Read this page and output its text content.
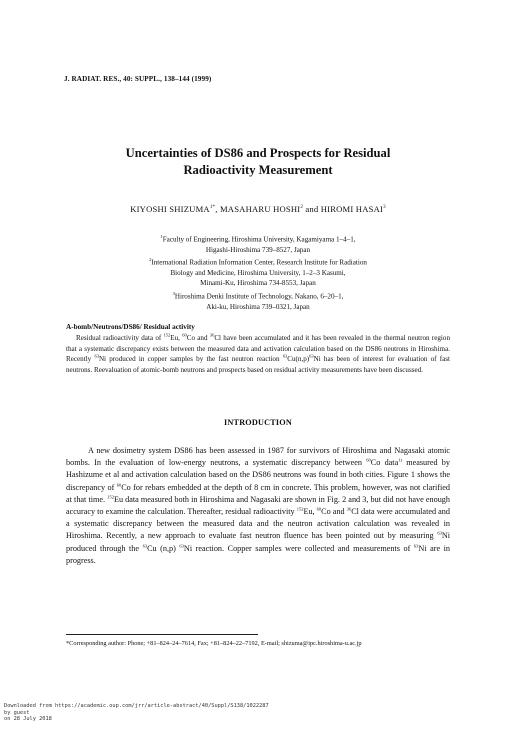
J. RADIAT. RES., 40: SUPPL., 138–144 (1999)
Uncertainties of DS86 and Prospects for Residual
Radioactivity Measurement
KIYOSHI $SHIZUMA^{1*}$, MASAHARU HOSHI$^2$ and HIROMI HASAI$^3$
$^1$Faculty of Engineering, Hiroshima University, Kagamiyama 1–4–1,
Higashi-Hiroshima 739–8527, Japan
$^2$International Radiation Information Center, Research Institute for Radiation
Biology and Medicine, Hiroshima University, 1–2–3 Kasumi,
Minami-Ku, Hiroshima 734-8553, Japan
$^3$Hiroshima Denki Institute of Technology, Nakano, 6–20–1,
Aki-ku, Hiroshima 739–0321, Japan
A-bomb/Neutrons/DS86/ Residual activity

Residual radioactivity data of $^{152}$Eu, $^{60}$Co and $^{36}$Cl have been accumulated and it has been revealed in the thermal neutron region that a systematic discrepancy exists between the measured data and activation calculation based on the DS86 neutrons in Hiroshima. Recently $^{63}$Ni produced in copper samples by the fast neutron reaction $^{63}Cu(n,p)^{63}Ni$ has been of interest for evaluation of fast neutrons. Reevaluation of atomic-bomb neutrons and prospects based on residual activity measurements have been discussed.

INTRODUCTION

A new dosimetry system DS86 has been assessed in 1987 for survivors of Hiroshima and Nagasaki atomic bombs. In the evaluation of low-energy neutrons, a systematic discrepancy between $^{60}$Co data$^{1)}$ measured by Hashizume et al and activation calculation based on the DS86 neutrons was found in both cities. Figure 1 shows the discrepancy of $^{60}$Co for rebars embedded at the depth of 8 cm in concrete. This problem, however, was not clarified at that time. $^{152}$Eu data measured both in Hiroshima and Nagasaki are shown in Fig. 2 and 3, but did not have enough accuracy to examine the calculation. Thereafter, residual radioactivity $^{152}$Eu, $^{60}$Co and $^{36}$Cl data were accumulated and a systematic discrepancy between the measured data and the neutron activation calculation was revealed in Hiroshima. Recently, a new approach to evaluate fast neutron fluence has been pointed out by measuring $^{63}$Ni produced through the $^{63}$Cu (n,p) $^{63}$Ni reaction. Copper samples were collected and measurements of $^{63}$Ni are in progress.

*Corresponding author: Phone; +81–824–24–7614, Fax; +81–824–22–7192, E-mail; shizuma@ipc.hiroshima-u.ac.jp
Downloaded from https://academic.oup.com/jrr/article-abstract/40/Suppl/S138/1022287
by guest
on 28 July 2018
